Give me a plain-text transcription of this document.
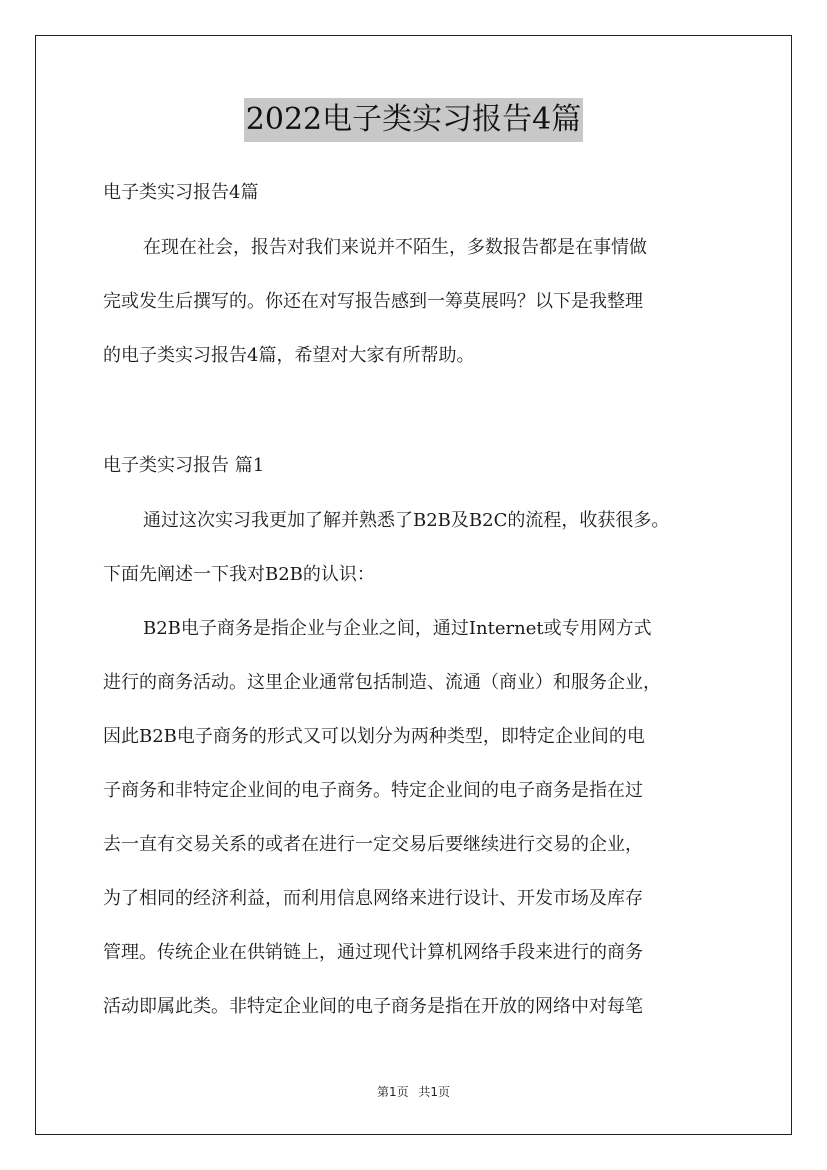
2022电子类实习报告4篇
电子类实习报告4篇
在现在社会，报告对我们来说并不陌生，多数报告都是在事情做
完或发生后撰写的。你还在对写报告感到一筹莫展吗？以下是我整理
的电子类实习报告4篇，希望对大家有所帮助。
电子类实习报告 篇1
通过这次实习我更加了解并熟悉了B2B及B2C的流程，收获很多。
下面先阐述一下我对B2B的认识：
B2B电子商务是指企业与企业之间，通过Internet或专用网方式
进行的商务活动。这里企业通常包括制造、流通（商业）和服务企业，
因此B2B电子商务的形式又可以划分为两种类型，即特定企业间的电
子商务和非特定企业间的电子商务。特定企业间的电子商务是指在过
去一直有交易关系的或者在进行一定交易后要继续进行交易的企业，
为了相同的经济利益，而利用信息网络来进行设计、开发市场及库存
管理。传统企业在供销链上，通过现代计算机网络手段来进行的商务
活动即属此类。非特定企业间的电子商务是指在开放的网络中对每笔
第1页 共1页
